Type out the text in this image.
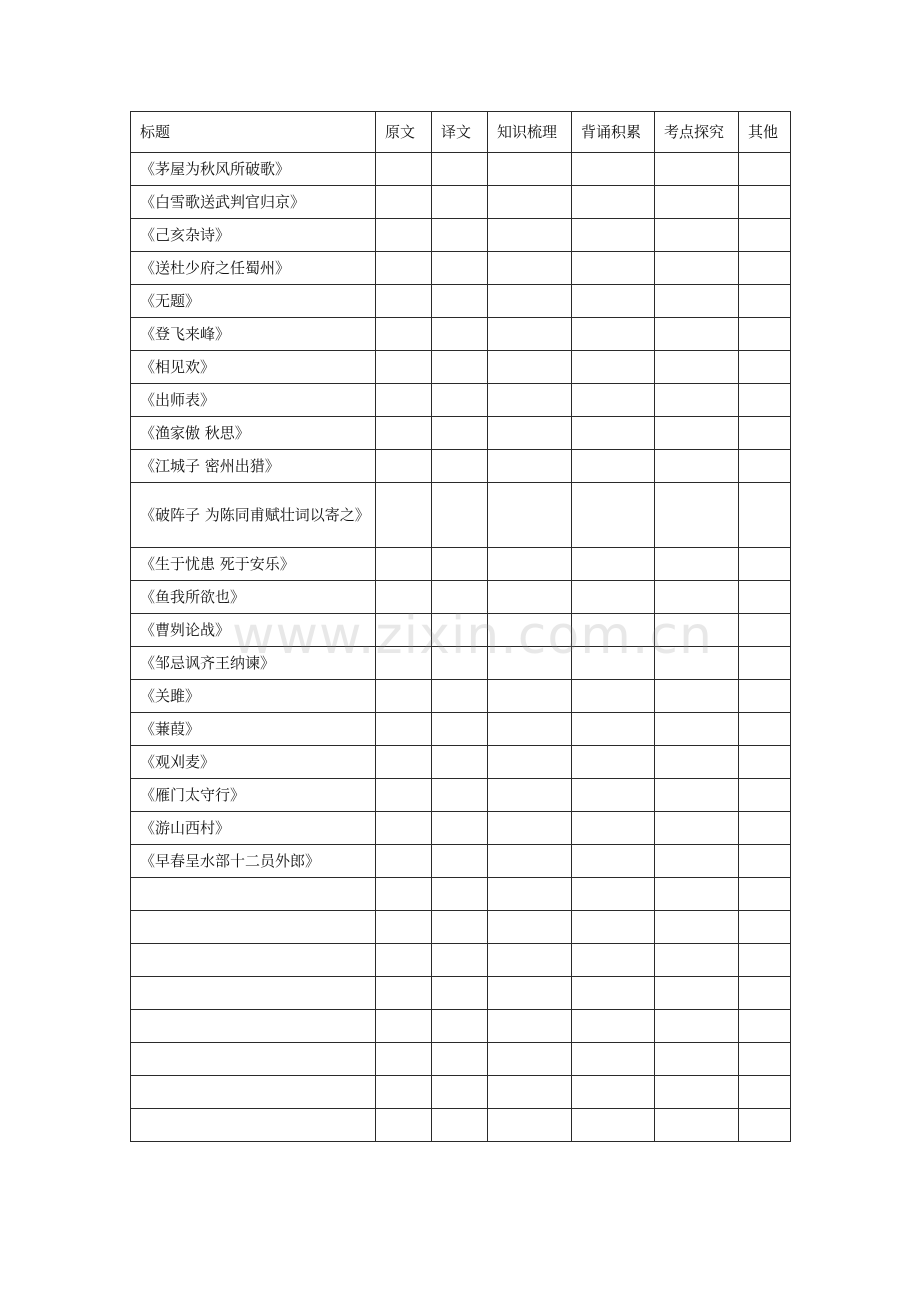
标题	原文	译文	知识梳理	背诵积累	考点探究	其他
《茅屋为秋风所破歌》						
《白雪歌送武判官归京》						
《己亥杂诗》						
《送杜少府之任蜀州》						
《无题》						
《登飞来峰》						
《相见欢》						
《出师表》						
《渔家傲 秋思》						
《江城子 密州出猎》						
《破阵子 为陈同甫赋壮词以寄之》						
《生于忧患 死于安乐》						
《鱼我所欲也》						
《曹刿论战》						
《邹忌讽齐王纳谏》						
《关雎》						
《蒹葭》						
《观刈麦》						
《雁门太守行》						
《游山西村》						
《早春呈水部十二员外郎》						

www.zixin.com.cn
